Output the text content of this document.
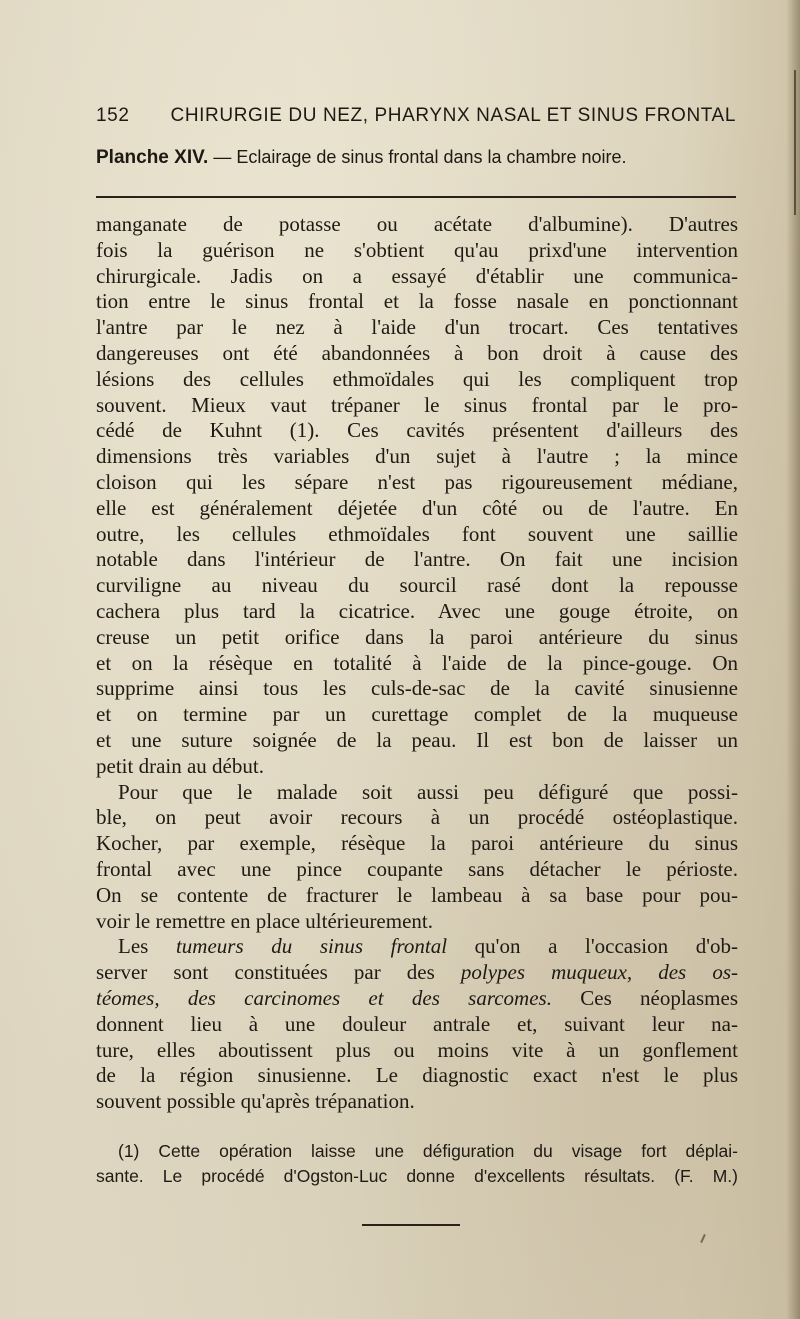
152 CHIRURGIE DU NEZ, PHARYNX NASAL ET SINUS FRONTAL
Planche XIV. — Eclairage de sinus frontal dans la chambre noire.
manganate de potasse ou acétate d'albumine). D'autres
fois la guérison ne s'obtient qu'au prixd'une intervention
chirurgicale. Jadis on a essayé d'établir une communica-
tion entre le sinus frontal et la fosse nasale en ponctionnant
l'antre par le nez à l'aide d'un trocart. Ces tentatives
dangereuses ont été abandonnées à bon droit à cause des
lésions des cellules ethmoïdales qui les compliquent trop
souvent. Mieux vaut trépaner le sinus frontal par le pro-
cédé de Kuhnt (1). Ces cavités présentent d'ailleurs des
dimensions très variables d'un sujet à l'autre ; la mince
cloison qui les sépare n'est pas rigoureusement médiane,
elle est généralement déjetée d'un côté ou de l'autre. En
outre, les cellules ethmoïdales font souvent une saillie
notable dans l'intérieur de l'antre. On fait une incision
curviligne au niveau du sourcil rasé dont la repousse
cachera plus tard la cicatrice. Avec une gouge étroite, on
creuse un petit orifice dans la paroi antérieure du sinus
et on la résèque en totalité à l'aide de la pince-gouge. On
supprime ainsi tous les culs-de-sac de la cavité sinusienne
et on termine par un curettage complet de la muqueuse
et une suture soignée de la peau. Il est bon de laisser un
petit drain au début.
Pour que le malade soit aussi peu défiguré que possi-
ble, on peut avoir recours à un procédé ostéoplastique.
Kocher, par exemple, résèque la paroi antérieure du sinus
frontal avec une pince coupante sans détacher le périoste.
On se contente de fracturer le lambeau à sa base pour pou-
voir le remettre en place ultérieurement.
Les tumeurs du sinus frontal qu'on a l'occasion d'ob-
server sont constituées par des polypes muqueux, des os-
téomes, des carcinomes et des sarcomes. Ces néoplasmes
donnent lieu à une douleur antrale et, suivant leur na-
ture, elles aboutissent plus ou moins vite à un gonflement
de la région sinusienne. Le diagnostic exact n'est le plus
souvent possible qu'après trépanation.
(1) Cette opération laisse une défiguration du visage fort déplai-
sante. Le procédé d'Ogston-Luc donne d'excellents résultats. (F. M.)
